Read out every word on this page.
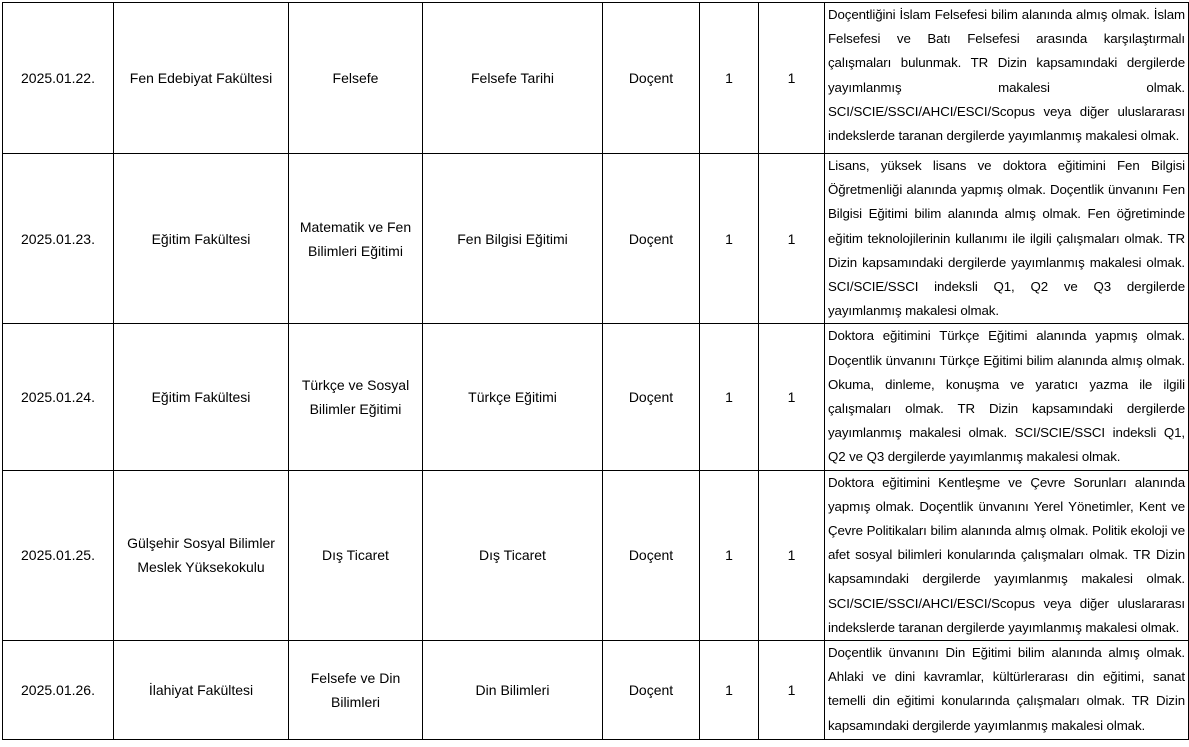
2025.01.22.	Fen Edebiyat Fakültesi	Felsefe	Felsefe Tarihi	Doçent	1	1	Doçentliğini İslam Felsefesi bilim alanında almış olmak. İslam Felsefesi ve Batı Felsefesi arasında karşılaştırmalı çalışmaları bulunmak. TR Dizin kapsamındaki dergilerde yayımlanmış makalesi olmak. SCI/SCIE/SSCI/AHCI/ESCI/Scopus veya diğer uluslararası indekslerde taranan dergilerde yayımlanmış makalesi olmak.
2025.01.23.	Eğitim Fakültesi	Matematik ve Fen Bilimleri Eğitimi	Fen Bilgisi Eğitimi	Doçent	1	1	Lisans, yüksek lisans ve doktora eğitimini Fen Bilgisi Öğretmenliği alanında yapmış olmak. Doçentlik ünvanını Fen Bilgisi Eğitimi bilim alanında almış olmak. Fen öğretiminde eğitim teknolojilerinin kullanımı ile ilgili çalışmaları olmak. TR Dizin kapsamındaki dergilerde yayımlanmış makalesi olmak. SCI/SCIE/SSCI indeksli Q1, Q2 ve Q3 dergilerde yayımlanmış makalesi olmak.
2025.01.24.	Eğitim Fakültesi	Türkçe ve Sosyal Bilimler Eğitimi	Türkçe Eğitimi	Doçent	1	1	Doktora eğitimini Türkçe Eğitimi alanında yapmış olmak. Doçentlik ünvanını Türkçe Eğitimi bilim alanında almış olmak. Okuma, dinleme, konuşma ve yaratıcı yazma ile ilgili çalışmaları olmak. TR Dizin kapsamındaki dergilerde yayımlanmış makalesi olmak. SCI/SCIE/SSCI indeksli Q1, Q2 ve Q3 dergilerde yayımlanmış makalesi olmak.
2025.01.25.	Gülşehir Sosyal Bilimler Meslek Yüksekokulu	Dış Ticaret	Dış Ticaret	Doçent	1	1	Doktora eğitimini Kentleşme ve Çevre Sorunları alanında yapmış olmak. Doçentlik ünvanını Yerel Yönetimler, Kent ve Çevre Politikaları bilim alanında almış olmak. Politik ekoloji ve afet sosyal bilimleri konularında çalışmaları olmak. TR Dizin kapsamındaki dergilerde yayımlanmış makalesi olmak. SCI/SCIE/SSCI/AHCI/ESCI/Scopus veya diğer uluslararası indekslerde taranan dergilerde yayımlanmış makalesi olmak.
2025.01.26.	İlahiyat Fakültesi	Felsefe ve Din Bilimleri	Din Bilimleri	Doçent	1	1	Doçentlik ünvanını Din Eğitimi bilim alanında almış olmak. Ahlaki ve dini kavramlar, kültürlerarası din eğitimi, sanat temelli din eğitimi konularında çalışmaları olmak. TR Dizin kapsamındaki dergilerde yayımlanmış makalesi olmak.
